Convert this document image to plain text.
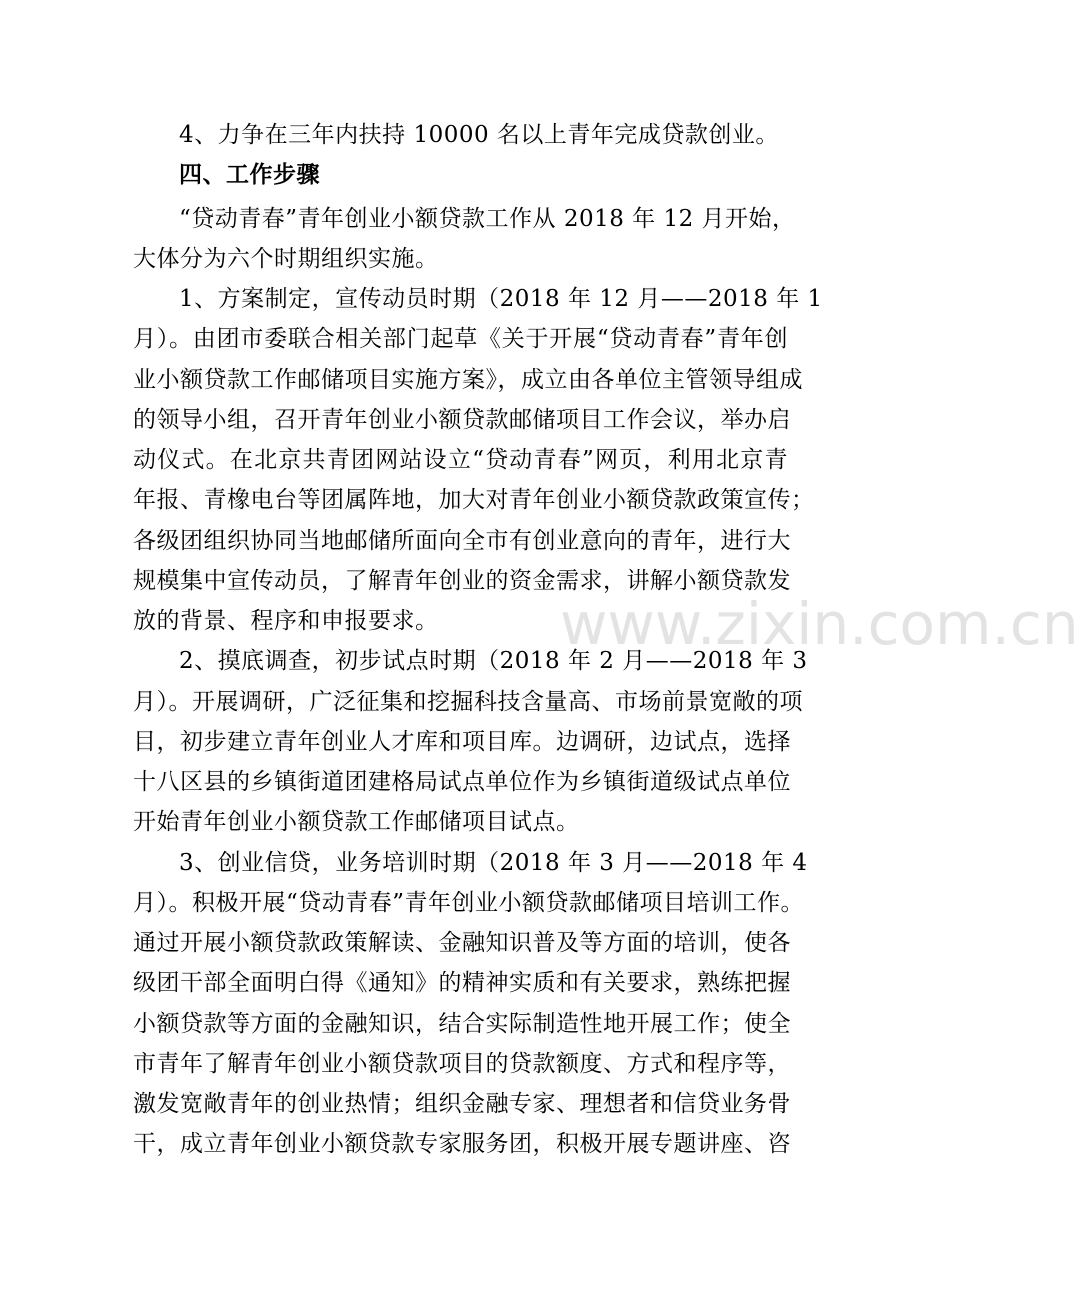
www.zixin.com.cn
4、力争在三年内扶持 10000 名以上青年完成贷款创业。
四、工作步骤
“贷动青春”青年创业小额贷款工作从 2018 年 12 月开始，
大体分为六个时期组织实施。
1、方案制定，宣传动员时期（2018 年 12 月——2018 年 1
月）。由团市委联合相关部门起草《关于开展“贷动青春”青年创
业小额贷款工作邮储项目实施方案》，成立由各单位主管领导组成
的领导小组，召开青年创业小额贷款邮储项目工作会议，举办启
动仪式。在北京共青团网站设立“贷动青春”网页，利用北京青
年报、青橡电台等团属阵地，加大对青年创业小额贷款政策宣传；
各级团组织协同当地邮储所面向全市有创业意向的青年，进行大
规模集中宣传动员，了解青年创业的资金需求，讲解小额贷款发
放的背景、程序和申报要求。
2、摸底调查，初步试点时期（2018 年 2 月——2018 年 3
月）。开展调研，广泛征集和挖掘科技含量高、市场前景宽敞的项
目，初步建立青年创业人才库和项目库。边调研，边试点，选择
十八区县的乡镇街道团建格局试点单位作为乡镇街道级试点单位
开始青年创业小额贷款工作邮储项目试点。
3、创业信贷，业务培训时期（2018 年 3 月——2018 年 4
月）。积极开展“贷动青春”青年创业小额贷款邮储项目培训工作。
通过开展小额贷款政策解读、金融知识普及等方面的培训，使各
级团干部全面明白得《通知》的精神实质和有关要求，熟练把握
小额贷款等方面的金融知识，结合实际制造性地开展工作；使全
市青年了解青年创业小额贷款项目的贷款额度、方式和程序等，
激发宽敞青年的创业热情；组织金融专家、理想者和信贷业务骨
干，成立青年创业小额贷款专家服务团，积极开展专题讲座、咨
